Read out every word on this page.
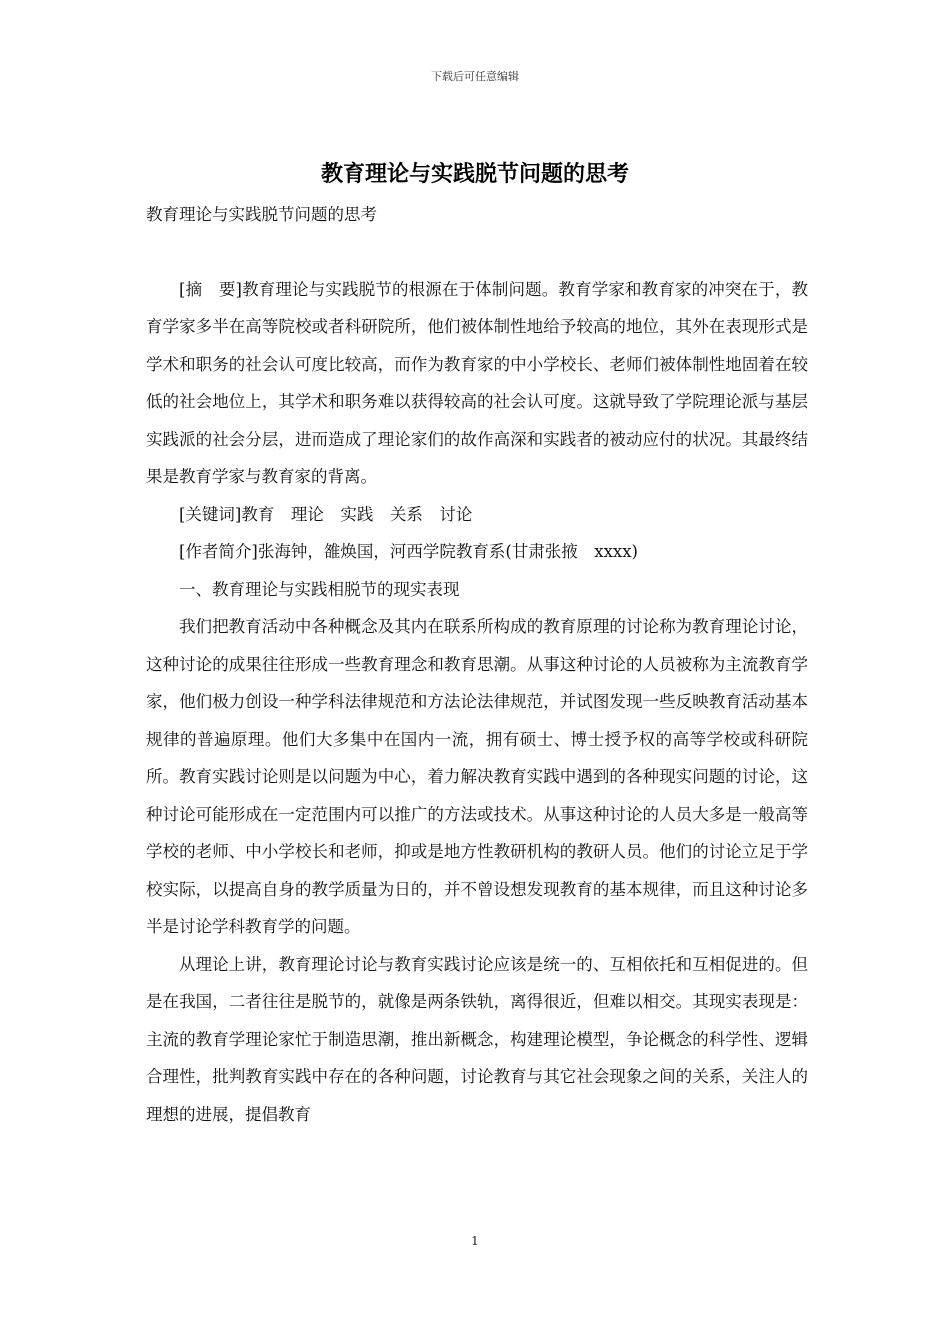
下载后可任意编辑
教育理论与实践脱节问题的思考

教育理论与实践脱节问题的思考

[摘　要]教育理论与实践脱节的根源在于体制问题。教育学家和教育家的冲突在于，教育学家多半在高等院校或者科研院所，他们被体制性地给予较高的地位，其外在表现形式是学术和职务的社会认可度比较高，而作为教育家的中小学校长、老师们被体制性地固着在较低的社会地位上，其学术和职务难以获得较高的社会认可度。这就导致了学院理论派与基层实践派的社会分层，进而造成了理论家们的故作高深和实践者的被动应付的状况。其最终结果是教育学家与教育家的背离。

[关键词]教育　理论　实践　关系　讨论

[作者简介]张海钟，雒焕国，河西学院教育系(甘肃张掖　xxxx)

一、教育理论与实践相脱节的现实表现

我们把教育活动中各种概念及其内在联系所构成的教育原理的讨论称为教育理论讨论，这种讨论的成果往往形成一些教育理念和教育思潮。从事这种讨论的人员被称为主流教育学家，他们极力创设一种学科法律规范和方法论法律规范，并试图发现一些反映教育活动基本规律的普遍原理。他们大多集中在国内一流，拥有硕士、博士授予权的高等学校或科研院所。教育实践讨论则是以问题为中心，着力解决教育实践中遇到的各种现实问题的讨论，这种讨论可能形成在一定范围内可以推广的方法或技术。从事这种讨论的人员大多是一般高等学校的老师、中小学校长和老师，抑或是地方性教研机构的教研人员。他们的讨论立足于学校实际，以提高自身的教学质量为日的，并不曾设想发现教育的基本规律，而且这种讨论多半是讨论学科教育学的问题。

从理论上讲，教育理论讨论与教育实践讨论应该是统一的、互相依托和互相促进的。但是在我国，二者往往是脱节的，就像是两条铁轨，离得很近，但难以相交。其现实表现是：主流的教育学理论家忙于制造思潮，推出新概念，构建理论模型，争论概念的科学性、逻辑合理性，批判教育实践中存在的各种问题，讨论教育与其它社会现象之间的关系，关注人的理想的进展，提倡教育

1
